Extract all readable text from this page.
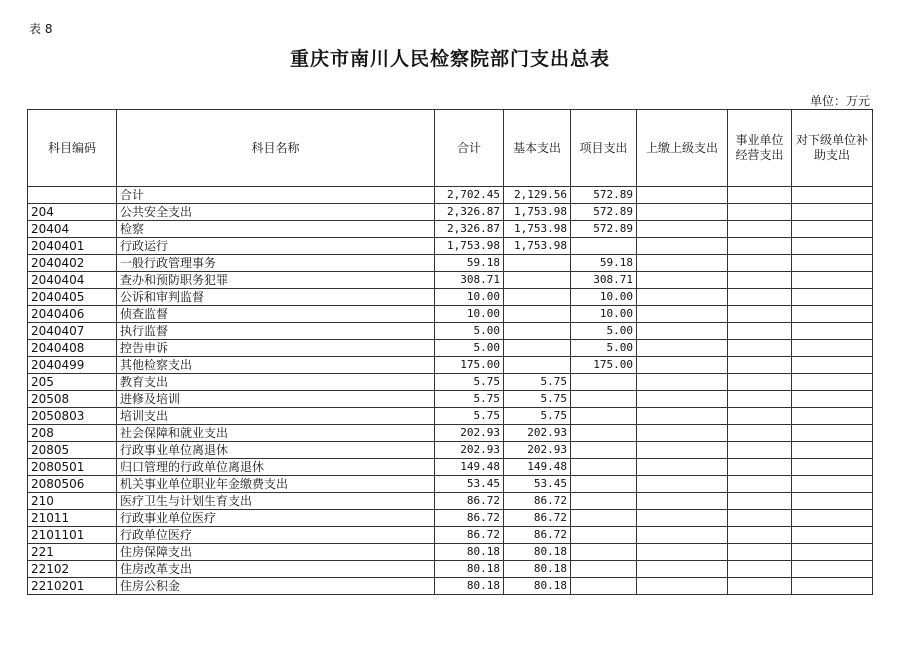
表 8
重庆市南川人民检察院部门支出总表
单位：万元
科目编码	科目名称	合计	基本支出	项目支出	上缴上级支出	事业单位经营支出	对下级单位补助支出
	合计	2,702.45	2,129.56	572.89			
204	公共安全支出	2,326.87	1,753.98	572.89			
20404	检察	2,326.87	1,753.98	572.89			
2040401	行政运行	1,753.98	1,753.98				
2040402	一般行政管理事务	59.18		59.18			
2040404	查办和预防职务犯罪	308.71		308.71			
2040405	公诉和审判监督	10.00		10.00			
2040406	侦查监督	10.00		10.00			
2040407	执行监督	5.00		5.00			
2040408	控告申诉	5.00		5.00			
2040499	其他检察支出	175.00		175.00			
205	教育支出	5.75	5.75				
20508	进修及培训	5.75	5.75				
2050803	培训支出	5.75	5.75				
208	社会保障和就业支出	202.93	202.93				
20805	行政事业单位离退休	202.93	202.93				
2080501	归口管理的行政单位离退休	149.48	149.48				
2080506	机关事业单位职业年金缴费支出	53.45	53.45				
210	医疗卫生与计划生育支出	86.72	86.72				
21011	行政事业单位医疗	86.72	86.72				
2101101	行政单位医疗	86.72	86.72				
221	住房保障支出	80.18	80.18				
22102	住房改革支出	80.18	80.18				
2210201	住房公积金	80.18	80.18				
